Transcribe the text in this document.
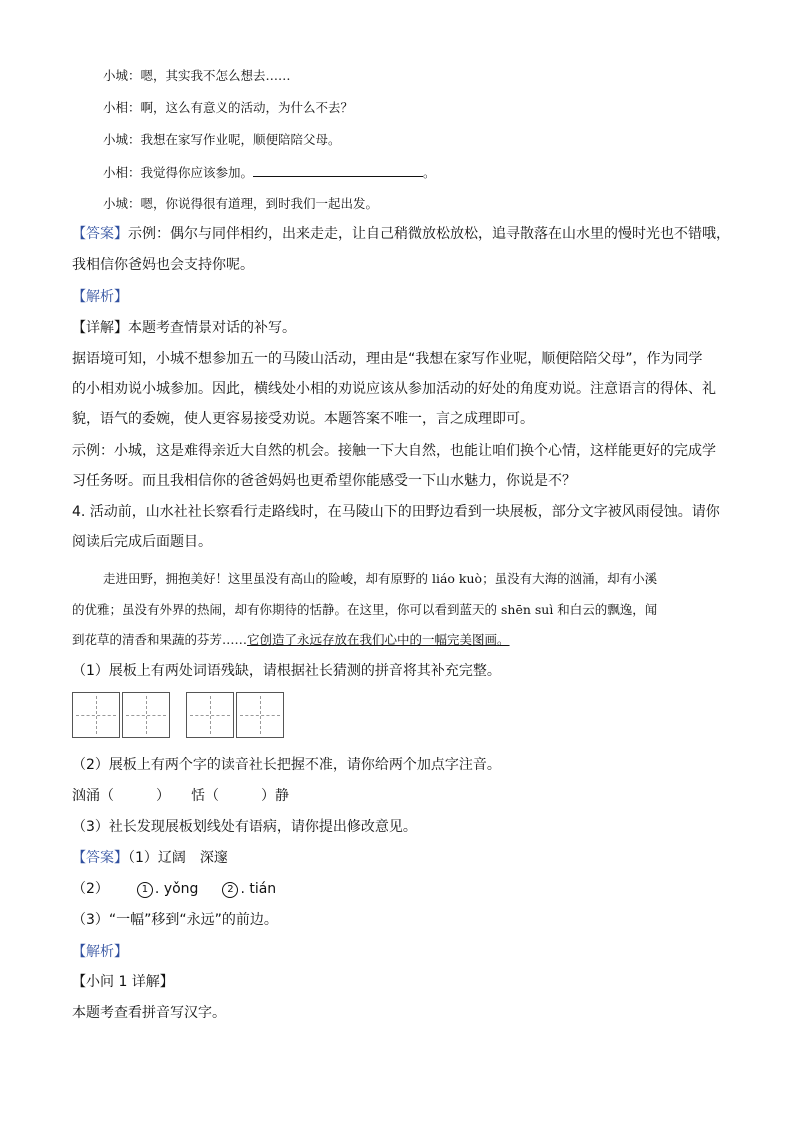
小城：嗯，其实我不怎么想去……
小相：啊，这么有意义的活动，为什么不去？
小城：我想在家写作业呢，顺便陪陪父母。
小相：我觉得你应该参加。	。
小城：嗯，你说得很有道理，到时我们一起出发。
【答案】示例：偶尔与同伴相约，出来走走，让自己稍微放松放松，追寻散落在山水里的慢时光也不错哦，
我相信你爸妈也会支持你呢。
【解析】
【详解】本题考查情景对话的补写。
据语境可知，小城不想参加五一的马陵山活动，理由是“我想在家写作业呢，顺便陪陪父母”，作为同学
的小相劝说小城参加。因此，横线处小相的劝说应该从参加活动的好处的角度劝说。注意语言的得体、礼
貌，语气的委婉，使人更容易接受劝说。本题答案不唯一，言之成理即可。
示例：小城，这是难得亲近大自然的机会。接触一下大自然，也能让咱们换个心情，这样能更好的完成学
习任务呀。而且我相信你的爸爸妈妈也更希望你能感受一下山水魅力，你说是不？
4. 活动前，山水社社长察看行走路线时，在马陵山下的田野边看到一块展板，部分文字被风雨侵蚀。请你
阅读后完成后面题目。
走进田野，拥抱美好！这里虽没有高山的险峻，却有原野的 liáo kuò；虽没有大海的汹涌，却有小溪
的优雅；虽没有外界的热闹，却有你期待的恬静。在这里，你可以看到蓝天的 shēn suì 和白云的飘逸，闻
到花草的清香和果蔬的芬芳……它创造了永远存放在我们心中的一幅完美图画。
（1）展板上有两处词语残缺，请根据社长猜测的拼音将其补充完整。
（2）展板上有两个字的读音社长把握不准，请你给两个加点字注音。
汹涌（　　　）　　恬（　　　）静
（3）社长发现展板划线处有语病，请你提出修改意见。
【答案】（1）辽阔　深邃
（2）	1 . yǒng	2 . tián
（3）“一幅”移到“永远”的前边。
【解析】
【小问 1 详解】
本题考查看拼音写汉字。
